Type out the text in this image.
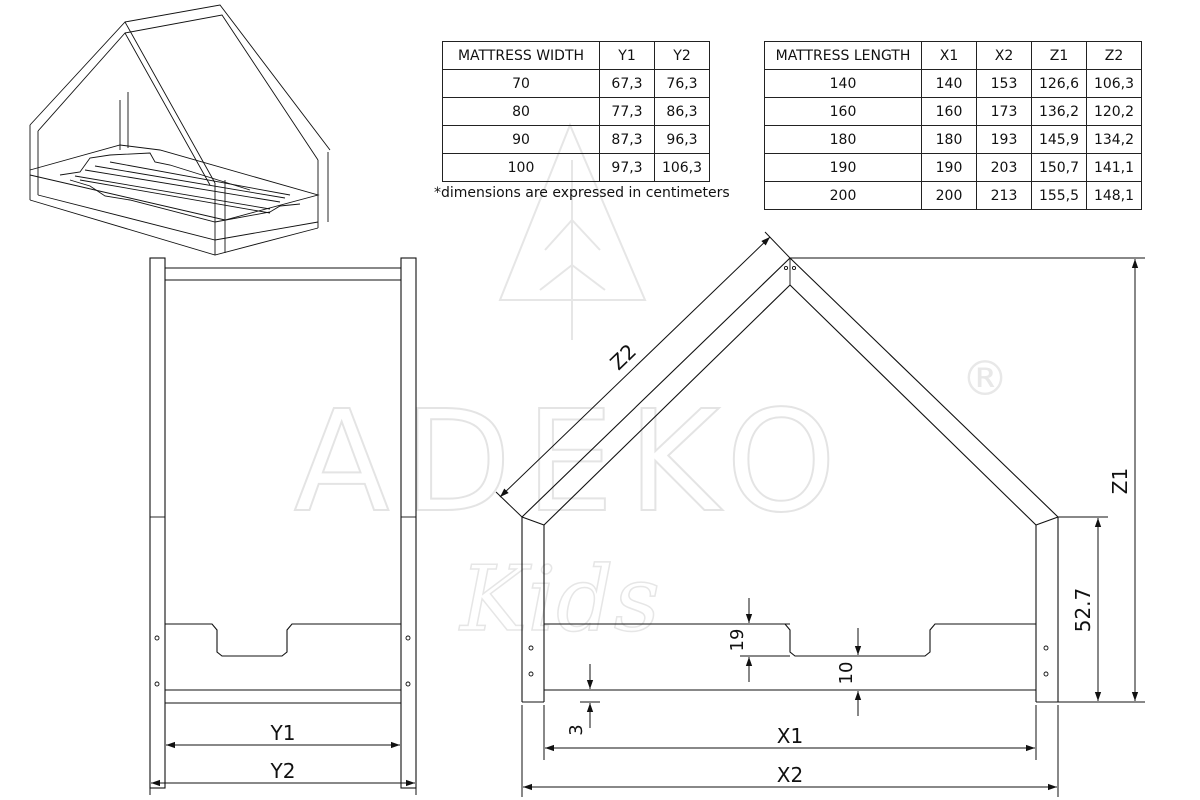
ADEKO
Kids
®
Y1
Y2
Z2
Z1
52.7
19
10
3	X1
X2
MATTRESS WIDTH	Y1	Y2
70	67,3	76,3
80	77,3	86,3
90	87,3	96,3
100	97,3	106,3
*dimensions are expressed in centimeters
MATTRESS LENGTH	X1	X2	Z1	Z2
140	140	153	126,6	106,3
160	160	173	136,2	120,2
180	180	193	145,9	134,2
190	190	203	150,7	141,1
200	200	213	155,5	148,1
